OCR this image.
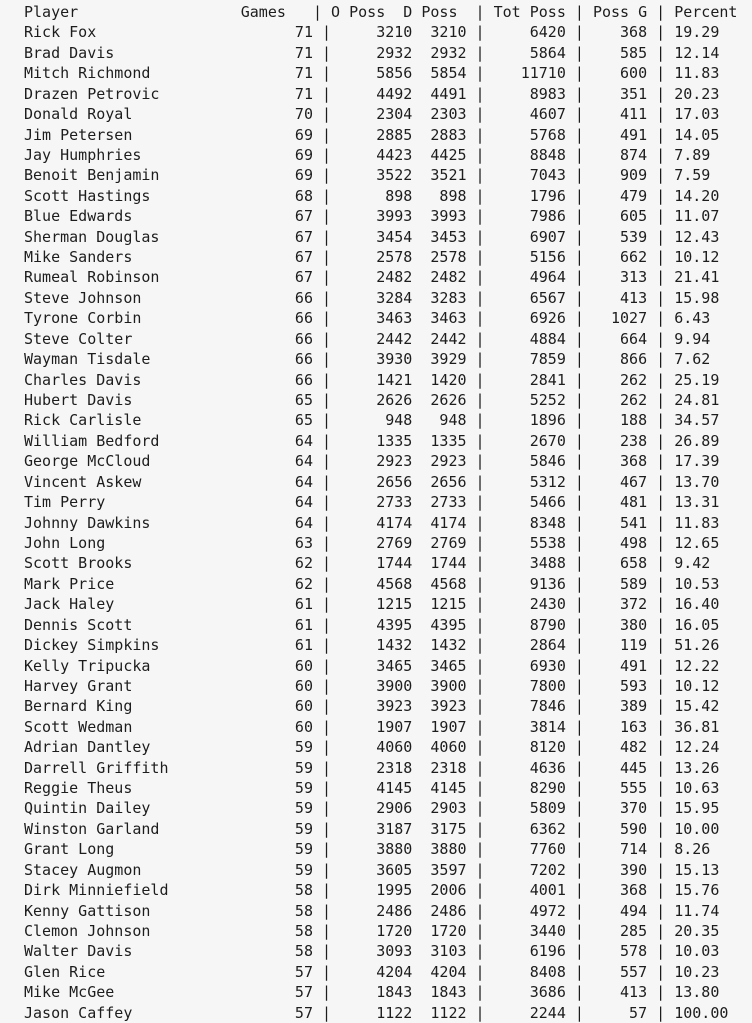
Player                  Games   | O Poss  D Poss  | Tot Poss | Poss G | Percent
Rick Fox                      71 |     3210  3210 |     6420 |    368 | 19.29
Brad Davis                    71 |     2932  2932 |     5864 |    585 | 12.14
Mitch Richmond                71 |     5856  5854 |    11710 |    600 | 11.83
Drazen Petrovic               71 |     4492  4491 |     8983 |    351 | 20.23
Donald Royal                  70 |     2304  2303 |     4607 |    411 | 17.03
Jim Petersen                  69 |     2885  2883 |     5768 |    491 | 14.05
Jay Humphries                 69 |     4423  4425 |     8848 |    874 | 7.89
Benoit Benjamin               69 |     3522  3521 |     7043 |    909 | 7.59
Scott Hastings                68 |      898   898 |     1796 |    479 | 14.20
Blue Edwards                  67 |     3993  3993 |     7986 |    605 | 11.07
Sherman Douglas               67 |     3454  3453 |     6907 |    539 | 12.43
Mike Sanders                  67 |     2578  2578 |     5156 |    662 | 10.12
Rumeal Robinson               67 |     2482  2482 |     4964 |    313 | 21.41
Steve Johnson                 66 |     3284  3283 |     6567 |    413 | 15.98
Tyrone Corbin                 66 |     3463  3463 |     6926 |   1027 | 6.43
Steve Colter                  66 |     2442  2442 |     4884 |    664 | 9.94
Wayman Tisdale                66 |     3930  3929 |     7859 |    866 | 7.62
Charles Davis                 66 |     1421  1420 |     2841 |    262 | 25.19
Hubert Davis                  65 |     2626  2626 |     5252 |    262 | 24.81
Rick Carlisle                 65 |      948   948 |     1896 |    188 | 34.57
William Bedford               64 |     1335  1335 |     2670 |    238 | 26.89
George McCloud                64 |     2923  2923 |     5846 |    368 | 17.39
Vincent Askew                 64 |     2656  2656 |     5312 |    467 | 13.70
Tim Perry                     64 |     2733  2733 |     5466 |    481 | 13.31
Johnny Dawkins                64 |     4174  4174 |     8348 |    541 | 11.83
John Long                     63 |     2769  2769 |     5538 |    498 | 12.65
Scott Brooks                  62 |     1744  1744 |     3488 |    658 | 9.42
Mark Price                    62 |     4568  4568 |     9136 |    589 | 10.53
Jack Haley                    61 |     1215  1215 |     2430 |    372 | 16.40
Dennis Scott                  61 |     4395  4395 |     8790 |    380 | 16.05
Dickey Simpkins               61 |     1432  1432 |     2864 |    119 | 51.26
Kelly Tripucka                60 |     3465  3465 |     6930 |    491 | 12.22
Harvey Grant                  60 |     3900  3900 |     7800 |    593 | 10.12
Bernard King                  60 |     3923  3923 |     7846 |    389 | 15.42
Scott Wedman                  60 |     1907  1907 |     3814 |    163 | 36.81
Adrian Dantley                59 |     4060  4060 |     8120 |    482 | 12.24
Darrell Griffith              59 |     2318  2318 |     4636 |    445 | 13.26
Reggie Theus                  59 |     4145  4145 |     8290 |    555 | 10.63
Quintin Dailey                59 |     2906  2903 |     5809 |    370 | 15.95
Winston Garland               59 |     3187  3175 |     6362 |    590 | 10.00
Grant Long                    59 |     3880  3880 |     7760 |    714 | 8.26
Stacey Augmon                 59 |     3605  3597 |     7202 |    390 | 15.13
Dirk Minniefield              58 |     1995  2006 |     4001 |    368 | 15.76
Kenny Gattison                58 |     2486  2486 |     4972 |    494 | 11.74
Clemon Johnson                58 |     1720  1720 |     3440 |    285 | 20.35
Walter Davis                  58 |     3093  3103 |     6196 |    578 | 10.03
Glen Rice                     57 |     4204  4204 |     8408 |    557 | 10.23
Mike McGee                    57 |     1843  1843 |     3686 |    413 | 13.80
Jason Caffey                  57 |     1122  1122 |     2244 |     57 | 100.00
